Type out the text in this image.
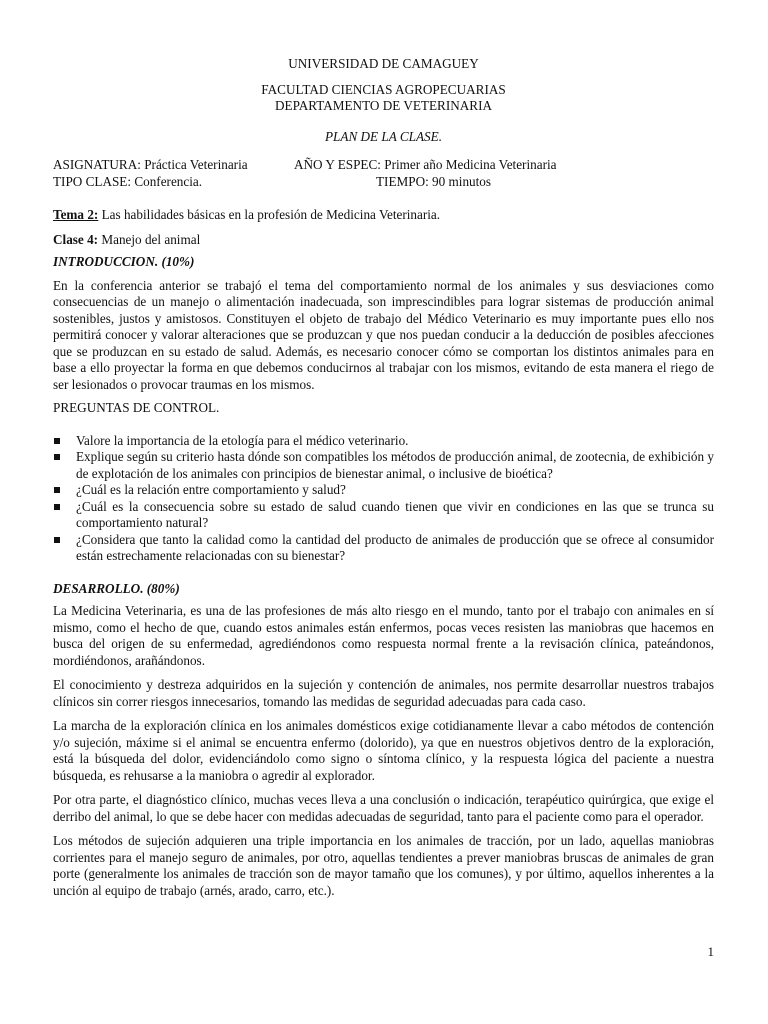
UNIVERSIDAD DE CAMAGUEY
FACULTAD CIENCIAS AGROPECUARIAS
DEPARTAMENTO DE VETERINARIA
PLAN DE LA CLASE.
ASIGNATURA: Práctica Veterinaria	AÑO Y ESPEC: Primer año Medicina Veterinaria
TIPO CLASE: Conferencia.	TIEMPO: 90 minutos
Tema 2: Las habilidades básicas en la profesión de Medicina Veterinaria.
Clase 4: Manejo del animal
INTRODUCCION. (10%)

En la conferencia anterior se trabajó el tema del comportamiento normal de los animales y sus desviaciones como consecuencias de un manejo o alimentación inadecuada, son imprescindibles para lograr sistemas de producción animal sostenibles, justos y amistosos. Constituyen el objeto de trabajo del Médico Veterinario es muy importante pues ello nos permitirá conocer y valorar alteraciones que se produzcan y que nos puedan conducir a la deducción de posibles afecciones que se produzcan en su estado de salud. Además, es necesario conocer cómo se comportan los distintos animales para en base a ello proyectar la forma en que debemos conducirnos al trabajar con los mismos, evitando de esta manera el riego de ser lesionados o provocar traumas en los mismos.

PREGUNTAS DE CONTROL.
Valore la importancia de la etología para el médico veterinario.
Explique según su criterio hasta dónde son compatibles los métodos de producción animal, de zootecnia, de exhibición y de explotación de los animales con principios de bienestar animal, o inclusive de bioética?
¿Cuál es la relación entre comportamiento y salud?
¿Cuál es la consecuencia sobre su estado de salud cuando tienen que vivir en condiciones en las que se trunca su comportamiento natural?
¿Considera que tanto la calidad como la cantidad del producto de animales de producción que se ofrece al consumidor están estrechamente relacionadas con su bienestar?
DESARROLLO. (80%)

La Medicina Veterinaria, es una de las profesiones de más alto riesgo en el mundo, tanto por el trabajo con animales en sí mismo, como el hecho de que, cuando estos animales están enfermos, pocas veces resisten las maniobras que hacemos en busca del origen de su enfermedad, agrediéndonos como respuesta normal frente a la revisación clínica, pateándonos, mordiéndonos, arañándonos.

El conocimiento y destreza adquiridos en la sujeción y contención de animales, nos permite desarrollar nuestros trabajos clínicos sin correr riesgos innecesarios, tomando las medidas de seguridad adecuadas para cada caso.

La marcha de la exploración clínica en los animales domésticos exige cotidianamente llevar a cabo métodos de contención y/o sujeción, máxime si el animal se encuentra enfermo (dolorido), ya que en nuestros objetivos dentro de la exploración, está la búsqueda del dolor, evidenciándolo como signo o síntoma clínico, y la respuesta lógica del paciente a nuestra búsqueda, es rehusarse a la maniobra o agredir al explorador.

Por otra parte, el diagnóstico clínico, muchas veces lleva a una conclusión o indicación, terapéutico quirúrgica, que exige el derribo del animal, lo que se debe hacer con medidas adecuadas de seguridad, tanto para el paciente como para el operador.

Los métodos de sujeción adquieren una triple importancia en los animales de tracción, por un lado, aquellas maniobras corrientes para el manejo seguro de animales, por otro, aquellas tendientes a prever maniobras bruscas de animales de gran porte (generalmente los animales de tracción son de mayor tamaño que los comunes), y por último, aquellos inherentes a la unción al equipo de trabajo (arnés, arado, carro, etc.).

1
